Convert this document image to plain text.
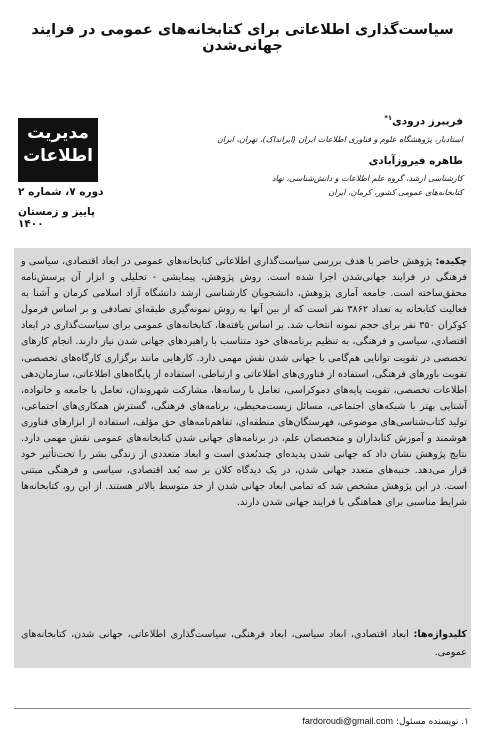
سیاست‌گذاری اطلاعاتی برای کتابخانه‌های عمومی در فرایند جهانی‌شدن
مدیریت
اطلاعات
دوره ۷، شماره ۲
پاییز و زمستان ۱۴۰۰
فریبرز درودی$^{۱*}$
استادیار، پژوهشگاه علوم و فناوری اطلاعات ایران (ایرانداک)، تهران، ایران
طاهره فیروزآبادی
کارشناسی ارشد، گروه علم اطلاعات و دانش‌شناسی، نهاد کتابخانه‌های عمومی کشور، کرمان، ایران
چکیده: پژوهش حاضر با هدف بررسی سیاست‌گذاری اطلاعاتی کتابخانه‌های عمومی در ابعاد اقتصادی، سیاسی و فرهنگی در فرایند جهانی‌شدن اجرا شده است. روش پژوهش، پیمایشی - تحلیلی و ابزار آن پرسش‌نامه محقق‌ساخته است. جامعه آماری پژوهش، دانشجویان کارشناسی ارشد دانشگاه آزاد اسلامی کرمان و آشنا به فعالیت کتابخانه به تعداد ۳۸۶۲ نفر است که از بین آنها به روش نمونه‌گیری طبقه‌ای تصادفی و بر اساس فرمول کوکران ۳۵۰ نفر برای حجم نمونه انتخاب شد. بر اساس یافته‌ها، کتابخانه‌های عمومی برای سیاست‌گذاری در ابعاد اقتصادی، سیاسی و فرهنگی، به تنظیم برنامه‌های خود متناسب با راهبردهای جهانی شدن نیاز دارند. انجام کارهای تخصصی در تقویت توانایی هم‌گامی با جهانی شدن نقش مهمی دارد. کارهایی مانند برگزاری کارگاه‌های تخصصی، تقویت باورهای فرهنگی، استفاده از فناوری‌های اطلاعاتی و ارتباطی، استفاده از پایگاه‌های اطلاعاتی، سازمان‌دهی اطلاعات تخصصی، تقویت پایه‌های دموکراسی، تعامل با رسانه‌ها، مشارکت شهروندان، تعامل با جامعه و خانواده، آشنایی بهتر با شبکه‌های اجتماعی، مسائل زیست‌محیطی، برنامه‌های فرهنگی، گسترش همکاری‌های اجتماعی، تولید کتاب‌شناسی‌های موضوعی، فهرستگان‌های منطقه‌ای، تفاهم‌نامه‌های حق مؤلف، استفاده از ابزارهای فناوری هوشمند و آموزش کتابداران و متخصصان علم، در برنامه‌های جهانی شدن کتابخانه‌های عمومی نقش مهمی دارد. نتایج پژوهش نشان داد که جهانی شدن پدیده‌ای چندبُعدی است و ابعاد متعددی از زندگی بشر را تحت‌تأثیر خود قرار می‌دهد. جنبه‌های متعدد جهانی شدن، در یک دیدگاه کلان بر سه بُعد اقتصادی، سیاسی و فرهنگی مبتنی است. در این پژوهش مشخص شد که تمامی ابعاد جهانی شدن از حد متوسط بالاتر هستند. از این رو، کتابخانه‌ها شرایط مناسبی برای هماهنگی با فرایند جهانی شدن دارند.
کلیدواژه‌ها: ابعاد اقتصادی، ابعاد سیاسی، ابعاد فرهنگی، سیاست‌گذاری اطلاعاتی، جهانی شدن، کتابخانه‌های عمومی.
۱. نویسنده مسئول: fardoroudi@gmail.com
